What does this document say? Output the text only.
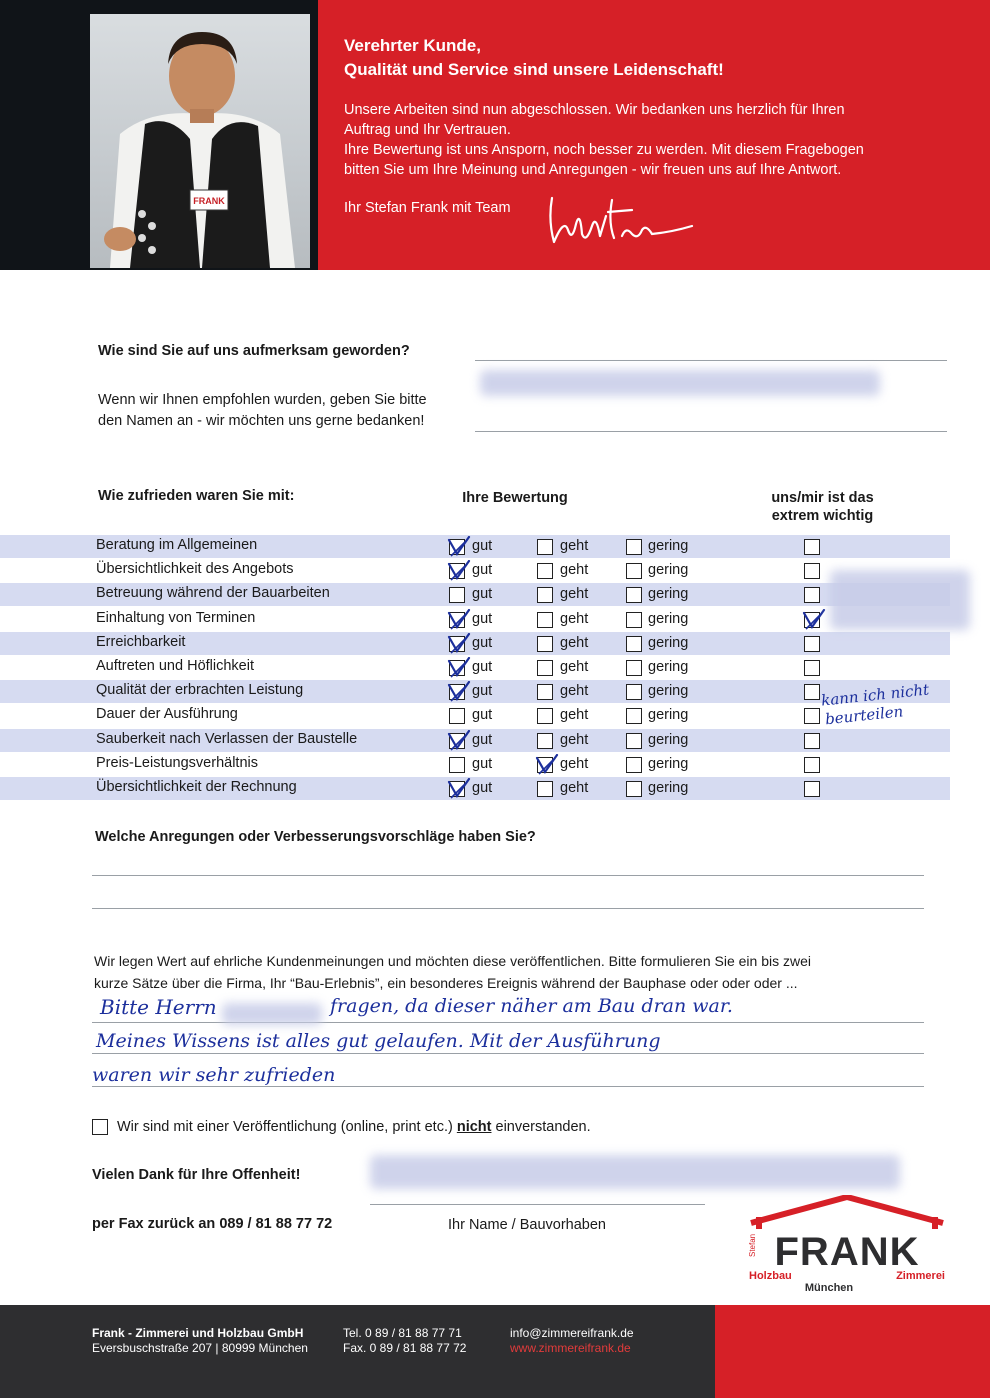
FRANK
Verehrter Kunde,
Qualität und Service sind unsere Leidenschaft!
Unsere Arbeiten sind nun abgeschlossen. Wir bedanken uns herzlich für Ihren
Auftrag und Ihr Vertrauen.
Ihre Bewertung ist uns Ansporn, noch besser zu werden. Mit diesem Fragebogen
bitten Sie um Ihre Meinung und Anregungen - wir freuen uns auf Ihre Antwort.
Ihr Stefan Frank mit Team
Wie sind Sie auf uns aufmerksam geworden?
Wenn wir Ihnen empfohlen wurden, geben Sie bitte
den Namen an - wir möchten uns gerne bedanken!
Wie zufrieden waren Sie mit:	Ihre Bewertung	uns/mir ist das
extrem wichtig
Beratung im Allgemeinen	gut	geht	gering
Übersichtlichkeit des Angebots	gut	geht	gering
Betreuung während der Bauarbeiten	gut	geht	gering
Einhaltung von Terminen	gut	geht	gering
Erreichbarkeit	gut	geht	gering
Auftreten und Höflichkeit	gut	geht	gering
Qualität der erbrachten Leistung	gut	geht	gering
Dauer der Ausführung	gut	geht	gering
Sauberkeit nach Verlassen der Baustelle	gut	geht	gering
Preis-Leistungsverhältnis	gut	geht	gering
Übersichtlichkeit der Rechnung	gut	geht	gering
kann ich nicht
beurteilen
Welche Anregungen oder Verbesserungsvorschläge haben Sie?
Wir legen Wert auf ehrliche Kundenmeinungen und möchten diese veröffentlichen. Bitte formulieren Sie ein bis zwei
kurze Sätze über die Firma, Ihr “Bau-Erlebnis”, ein besonderes Ereignis während der Bauphase oder oder oder ...
Bitte Herrn	fragen, da dieser näher am Bau dran war.
Meines Wissens ist alles gut gelaufen. Mit der Ausführung
waren wir sehr zufrieden
Wir sind mit einer Veröffentlichung (online, print etc.) nicht einverstanden.
Vielen Dank für Ihre Offenheit!
per Fax zurück an 089 / 81 88 77 72	Ihr Name / Bauvorhaben
FRANK
Stefan
Holzbau	Zimmerei
München
Frank - Zimmerei und Holzbau GmbH
Eversbuschstraße 207 | 80999 München
Tel. 0 89 / 81 88 77 71
Fax. 0 89 / 81 88 77 72
info@zimmereifrank.de
www.zimmereifrank.de
